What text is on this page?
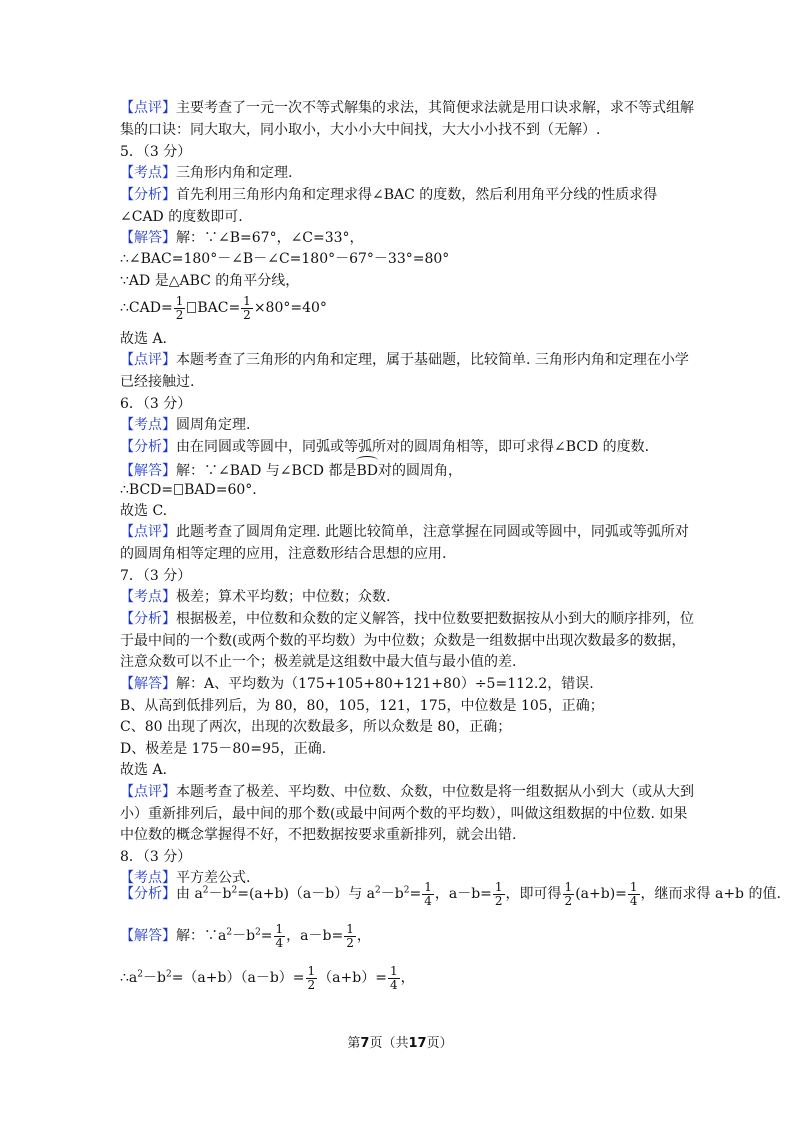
【点评】主要考查了一元一次不等式解集的求法，其简便求法就是用口诀求解，求不等式组解
集的口诀：同大取大，同小取小，大小小大中间找，大大小小找不到（无解）.
5．（3 分）
【考点】三角形内角和定理.
【分析】首先利用三角形内角和定理求得∠BAC 的度数，然后利用角平分线的性质求得
∠CAD 的度数即可.
【解答】解：∵∠B=67°，∠C=33°，
∴∠BAC=180°－∠B－∠C=180°－67°－33°=80°
∵AD 是△ABC 的角平分线，
∴CAD= $\frac{1}{2} BAC= \frac{1}{2} \times 80^\circ=40^\circ$
故选 A.
【点评】本题考查了三角形的内角和定理，属于基础题，比较简单. 三角形内角和定理在小学
已经接触过.
6．（3 分）
【考点】圆周角定理.
【分析】由在同圆或等圆中，同弧或等弧所对的圆周角相等，即可求得∠BCD 的度数.
【解答】解：∵∠BAD 与∠BCD 都是BD对的圆周角，
∴BCD= BAD=60°.
故选 C.
【点评】此题考查了圆周角定理. 此题比较简单，注意掌握在同圆或等圆中，同弧或等弧所对
的圆周角相等定理的应用，注意数形结合思想的应用.
7．（3 分）
【考点】极差；算术平均数；中位数；众数.
【分析】根据极差，中位数和众数的定义解答，找中位数要把数据按从小到大的顺序排列，位
于最中间的一个数(或两个数的平均数）为中位数；众数是一组数据中出现次数最多的数据，
注意众数可以不止一个；极差就是这组数中最大值与最小值的差.
【解答】解：A、平均数为（175+105+80+121+80）÷5=112.2，错误.
B、从高到低排列后，为 80，80，105，121，175，中位数是 105，正确；
C、80 出现了两次，出现的次数最多，所以众数是 80，正确；
D、极差是 175－80=95，正确.
故选 A.
【点评】本题考查了极差、平均数、中位数、众数，中位数是将一组数据从小到大（或从大到
小）重新排列后，最中间的那个数(或最中间两个数的平均数），叫做这组数据的中位数. 如果
中位数的概念掌握得不好，不把数据按要求重新排列，就会出错.
8．（3 分）
【考点】平方差公式.
【分析】由 $a^2-b^2=(a+b)(a-b)$与 $a^2-b^2= \frac{1}{4}$ ，$a-b= \frac{1}{2}$ ，即可得 $\frac{1}{2} (a+b)= \frac{1}{4}$ ，继而求得 a+b 的值.
【解答】解：$\because a^2-b^2= \frac{1}{4}$ ，$a-b= \frac{1}{2}$ ，
$\therefore a^2-b^2=(a+b)(a-b)= \frac{1}{2} (a+b)= \frac{1}{4}$ ，
第7页（共17页）
